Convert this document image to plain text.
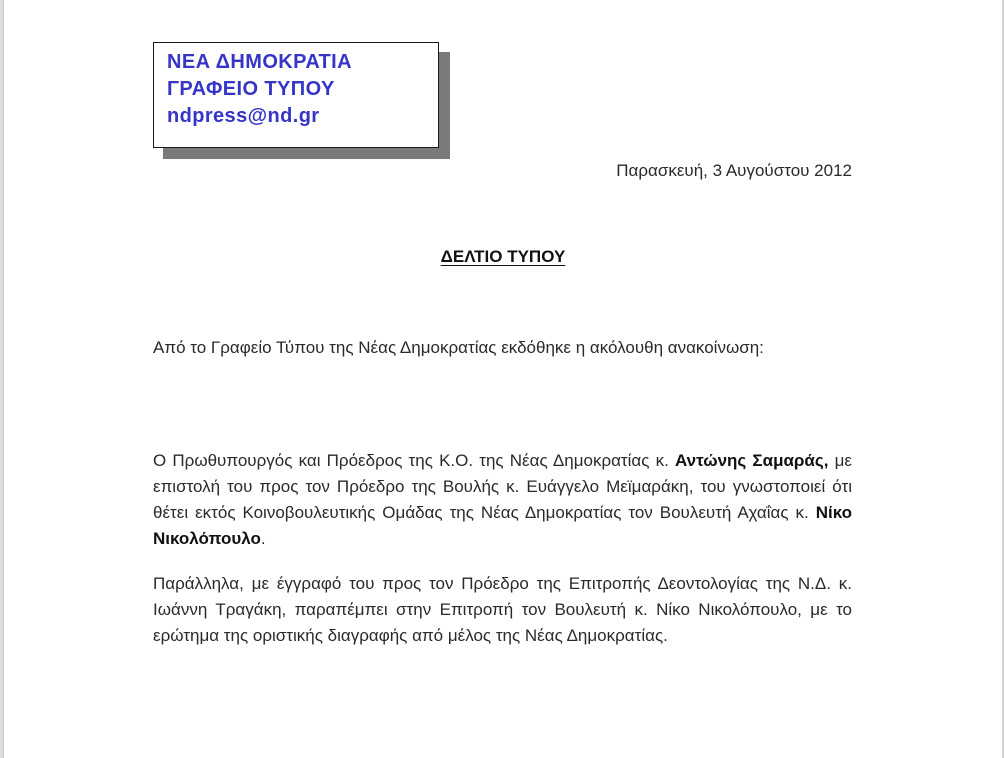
ΝΕΑ ΔΗΜΟΚΡΑΤΙΑ
ΓΡΑΦΕΙΟ ΤΥΠΟΥ
ndpress@nd.gr
Παρασκευή, 3 Αυγούστου 2012
ΔΕΛΤΙΟ ΤΥΠΟΥ
Από το Γραφείο Τύπου της Νέας Δημοκρατίας εκδόθηκε η ακόλουθη ανακοίνωση:
Ο Πρωθυπουργός και Πρόεδρος της Κ.Ο. της Νέας Δημοκρατίας κ. Αντώνης Σαμαράς, με επιστολή του προς τον Πρόεδρο της Βουλής κ. Ευάγγελο Μεϊμαράκη, του γνωστοποιεί ότι θέτει εκτός Κοινοβουλευτικής Ομάδας της Νέας Δημοκρατίας τον Βουλευτή Αχαΐας κ. Νίκο Νικολόπουλο.
Παράλληλα, με έγγραφό του προς τον Πρόεδρο της Επιτροπής Δεοντολογίας της Ν.Δ. κ. Ιωάννη Τραγάκη, παραπέμπει στην Επιτροπή τον Βουλευτή κ. Νίκο Νικολόπουλο, με το ερώτημα της οριστικής διαγραφής από μέλος της Νέας Δημοκρατίας.
